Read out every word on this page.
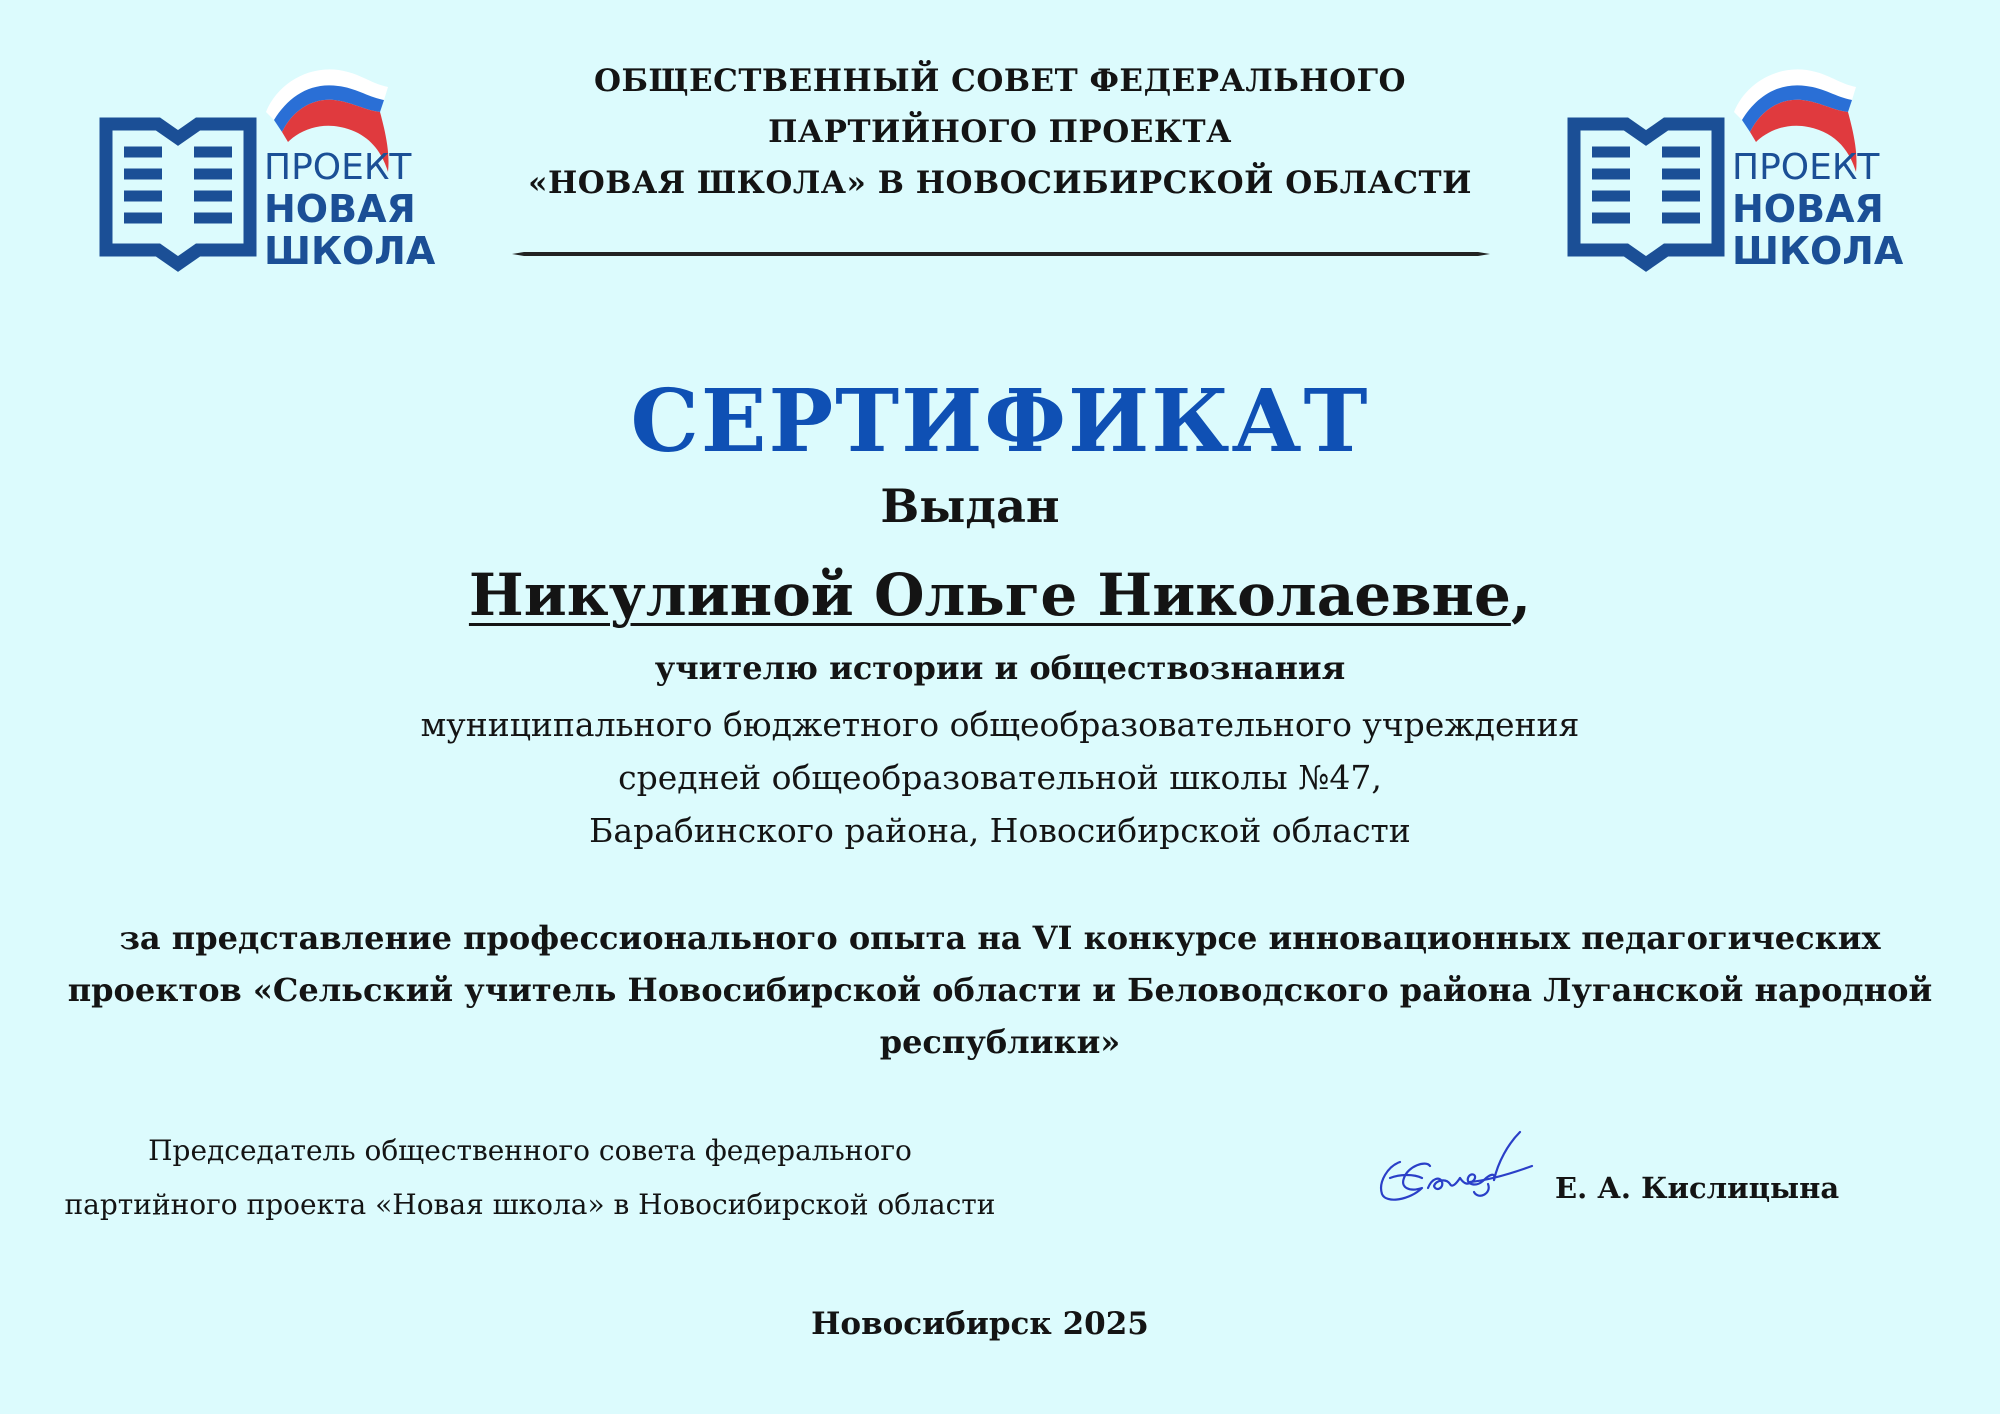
ПРОЕКТ
НОВАЯ
ШКОЛА
ПРОЕКТ
НОВАЯ
ШКОЛА
ОБЩЕСТВЕННЫЙ СОВЕТ ФЕДЕРАЛЬНОГО
ПАРТИЙНОГО ПРОЕКТА
«НОВАЯ ШКОЛА» В НОВОСИБИРСКОЙ ОБЛАСТИ
СЕРТИФИКАТ
Выдан
Никулиной Ольге Николаевне,
учителю истории и обществознания
муниципального бюджетного общеобразовательного учреждения
средней общеобразовательной школы №47,
Барабинского района, Новосибирской области
за представление профессионального опыта на VI конкурсе инновационных педагогических
проектов «Сельский учитель Новосибирской области и Беловодского района Луганской народной
республики»
Председатель общественного совета федерального
партийного проекта «Новая школа» в Новосибирской области	Е. А. Кислицына
Новосибирск 2025
